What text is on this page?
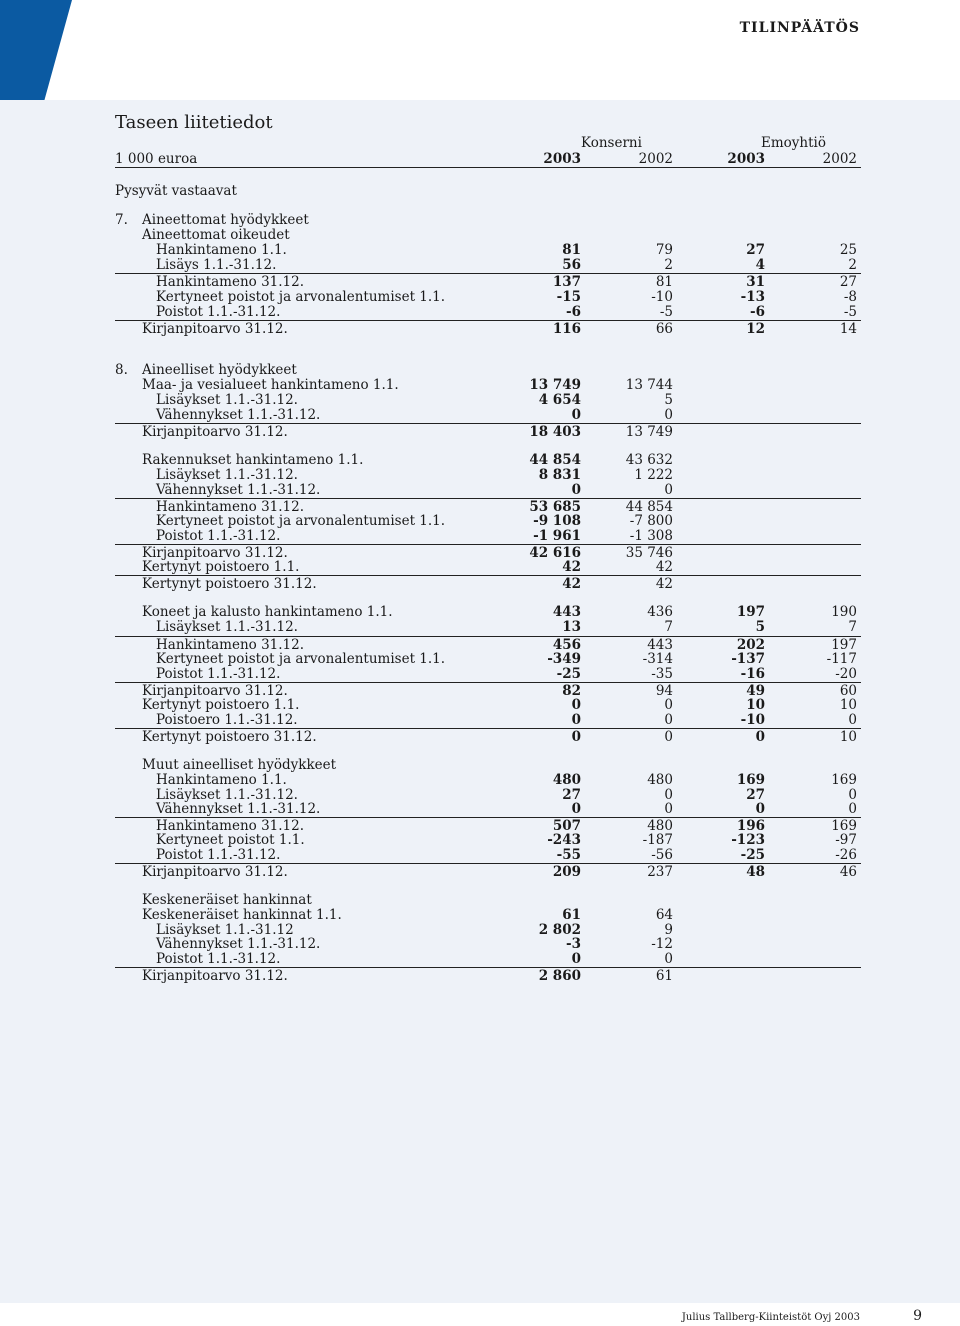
TILINPÄÄTÖS
Taseen liitetiedot
Konserni	Emoyhtiö
1 000 euroa	2003	2002	2003	2002
Pysyvät vastaavat
7. Aineettomat hyödykkeet
Aineettomat oikeudet
8. Aineelliset hyödykkeet
Hankintameno 1.1.	81	79	27	25
Lisäys 1.1.-31.12.	56	2	4	2
Hankintameno 31.12.	137	81	31	27
Kertyneet poistot ja arvonalentumiset 1.1.	-15	-10	-13	-8
Poistot 1.1.-31.12.	-6	-5	-6	-5
Kirjanpitoarvo 31.12.	116	66	12	14
Maa- ja vesialueet hankintameno 1.1.	13 749	13 744
Lisäykset 1.1.-31.12.	4 654	5
Vähennykset 1.1.-31.12.	0	0
Kirjanpitoarvo 31.12.	18 403	13 749
Rakennukset hankintameno 1.1.	44 854	43 632
Lisäykset 1.1.-31.12.	8 831	1 222
Vähennykset 1.1.-31.12.	0	0
Hankintameno 31.12.	53 685	44 854
Kertyneet poistot ja arvonalentumiset 1.1.	-9 108	-7 800
Poistot 1.1.-31.12.	-1 961	-1 308
Kirjanpitoarvo 31.12.	42 616	35 746
Kertynyt poistoero 1.1.	42	42
Kertynyt poistoero 31.12.	42	42
Koneet ja kalusto hankintameno 1.1.	443	436	197	190
Lisäykset 1.1.-31.12.	13	7	5	7
Hankintameno 31.12.	456	443	202	197
Kertyneet poistot ja arvonalentumiset 1.1.	-349	-314	-137	-117
Poistot 1.1.-31.12.	-25	-35	-16	-20
Kirjanpitoarvo 31.12.	82	94	49	60
Kertynyt poistoero 1.1.	0	0	10	10
Poistoero 1.1.-31.12.	0	0	-10	0
Kertynyt poistoero 31.12.	0	0	0	10
Muut aineelliset hyödykkeet
Hankintameno 1.1.	480	480	169	169
Lisäykset 1.1.-31.12.	27	0	27	0
Vähennykset 1.1.-31.12.	0	0	0	0
Hankintameno 31.12.	507	480	196	169
Kertyneet poistot 1.1.	-243	-187	-123	-97
Poistot 1.1.-31.12.	-55	-56	-25	-26
Kirjanpitoarvo 31.12.	209	237	48	46
Keskeneräiset hankinnat
Keskeneräiset hankinnat 1.1.	61	64
Lisäykset 1.1.-31.12	2 802	9
Vähennykset 1.1.-31.12.	-3	-12
Poistot 1.1.-31.12.	0	0
Kirjanpitoarvo 31.12.	2 860	61
Julius Tallberg-Kiinteistöt Oyj 2003	9
